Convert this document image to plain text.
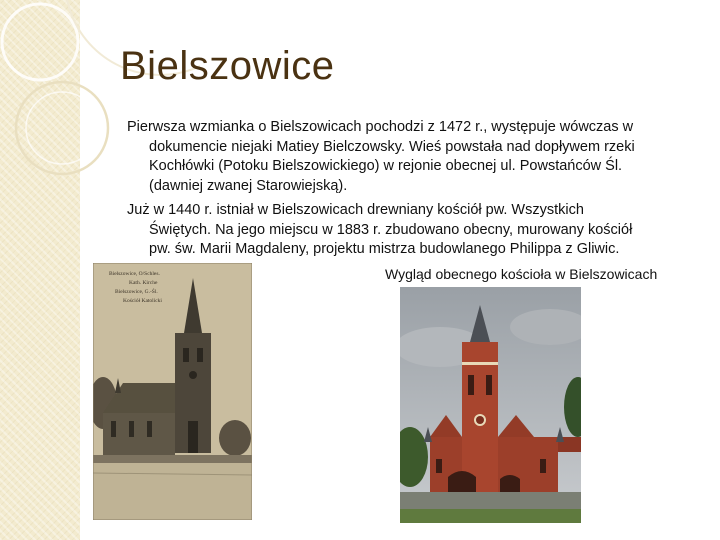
Bielszowice
Pierwsza wzmianka o Bielszowicach pochodzi z 1472 r., występuje wówczas w
dokumencie niejaki Matiey Bielczowsky. Wieś powstała nad dopływem rzeki
Kochłówki (Potoku Bielszowickiego) w rejonie obecnej ul. Powstańców Śl.
(dawniej zwanej Starowiejską).
Już w 1440 r. istniał w Bielszowicach drewniany kościół pw. Wszystkich
Świętych. Na jego miejscu w 1883 r. zbudowano obecny, murowany kościół
pw. św. Marii Magdaleny, projektu mistrza budowlanego Philippa z Gliwic.
Wygląd obecnego kościoła w Bielszowicach
Bielszowice, O/Schles.
Kath. Kirche
Bielszowice, G.-Śl.
Kościół Katolicki
